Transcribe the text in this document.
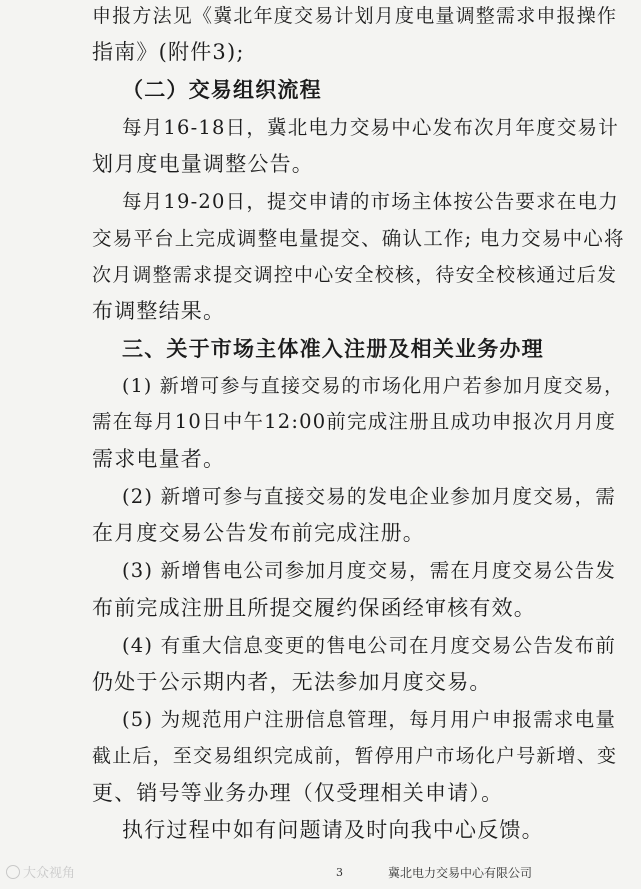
申报方法见《冀北年度交易计划月度电量调整需求申报操作
指南》(附件3);
（二）交易组织流程
每月16-18日，冀北电力交易中心发布次月年度交易计
划月度电量调整公告。
每月19-20日，提交申请的市场主体按公告要求在电力
交易平台上完成调整电量提交、确认工作; 电力交易中心将
次月调整需求提交调控中心安全校核，待安全校核通过后发
布调整结果。
三、关于市场主体准入注册及相关业务办理
(1) 新增可参与直接交易的市场化用户若参加月度交易，
需在每月10日中午12:00前完成注册且成功申报次月月度
需求电量者。
(2) 新增可参与直接交易的发电企业参加月度交易，需
在月度交易公告发布前完成注册。
(3) 新增售电公司参加月度交易，需在月度交易公告发
布前完成注册且所提交履约保函经审核有效。
(4) 有重大信息变更的售电公司在月度交易公告发布前
仍处于公示期内者，无法参加月度交易。
(5) 为规范用户注册信息管理，每月用户申报需求电量
截止后，至交易组织完成前，暂停用户市场化户号新增、变
更、销号等业务办理（仅受理相关申请）。
执行过程中如有问题请及时向我中心反馈。
大众视角	3	冀北电力交易中心有限公司
